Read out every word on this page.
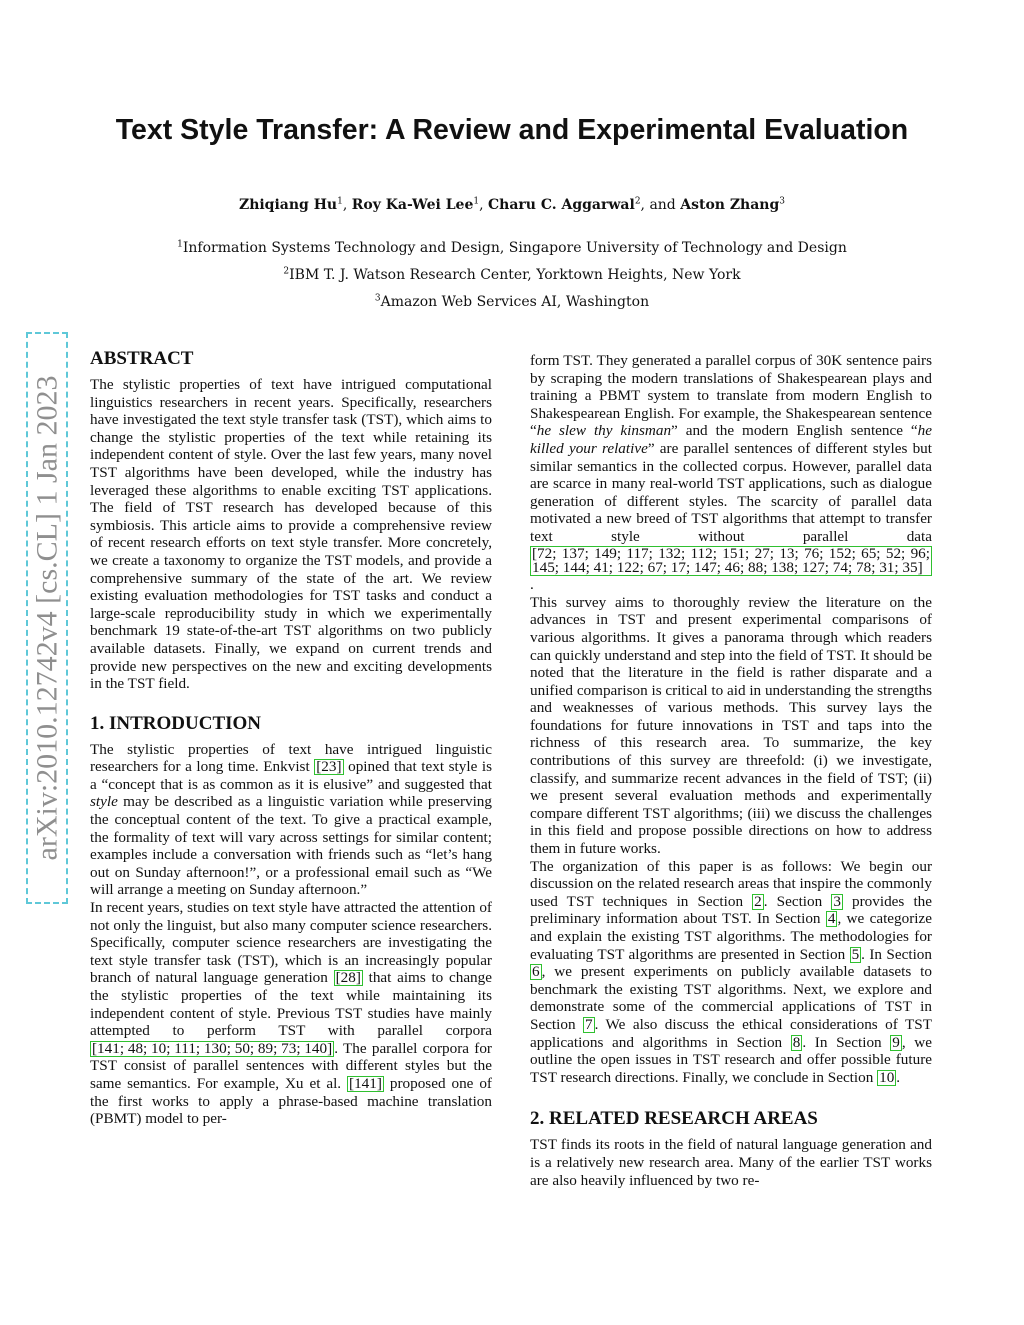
Text Style Transfer: A Review and Experimental Evaluation
Zhiqiang Hu$^1$, Roy Ka-Wei Lee$^1$, Charu C. Aggarwal$^2$, and Aston Zhang$^3$
$^1$Information Systems Technology and Design, Singapore University of Technology and Design
$^2$IBM T. J. Watson Research Center, Yorktown Heights, New York
$^3$Amazon Web Services AI, Washington
arXiv:2010.12742v4 [cs.CL] 1 Jan 2023
ABSTRACT

The stylistic properties of text have intrigued computational linguistics researchers in recent years. Specifically, researchers have investigated the text style transfer task (TST), which aims to change the stylistic properties of the text while retaining its independent content of style. Over the last few years, many novel TST algorithms have been developed, while the industry has leveraged these algorithms to enable exciting TST applications. The field of TST research has developed because of this symbiosis. This article aims to provide a comprehensive review of recent research efforts on text style transfer. More concretely, we create a taxonomy to organize the TST models, and provide a comprehensive summary of the state of the art. We review existing evaluation methodologies for TST tasks and conduct a large-scale reproducibility study in which we experimentally benchmark 19 state-of-the-art TST algorithms on two publicly available datasets. Finally, we expand on current trends and provide new perspectives on the new and exciting developments in the TST field.

1. INTRODUCTION

The stylistic properties of text have intrigued linguistic researchers for a long time. Enkvist [23] opined that text style is a “concept that is as common as it is elusive” and suggested that style may be described as a linguistic variation while preserving the conceptual content of the text. To give a practical example, the formality of text will vary across settings for similar content; examples include a conversation with friends such as “let’s hang out on Sunday afternoon!”, or a professional email such as “We will arrange a meeting on Sunday afternoon.”

In recent years, studies on text style have attracted the attention of not only the linguist, but also many computer science researchers. Specifically, computer science researchers are investigating the text style transfer task (TST), which is an increasingly popular branch of natural language generation [28] that aims to change the stylistic properties of the text while maintaining its independent content of style. Previous TST studies have mainly attempted to perform TST with parallel corpora [141; 48; 10; 111; 130; 50; 89; 73; 140] . The parallel corpora for TST consist of parallel sentences with different styles but the same semantics. For example, Xu et al. [141] proposed one of the first works to apply a phrase-based machine translation (PBMT) model to per-

form TST. They generated a parallel corpus of 30K sentence pairs by scraping the modern translations of Shakespearean plays and training a PBMT system to translate from modern English to Shakespearean English. For example, the Shakespearean sentence “he slew thy kinsman” and the modern English sentence “he killed your relative” are parallel sentences of different styles but similar semantics in the collected corpus. However, parallel data are scarce in many real-world TST applications, such as dialogue generation of different styles. The scarcity of parallel data motivated a new breed of TST algorithms that attempt to transfer text style without parallel data [72; 137; 149; 117; 132; 112; 151; 27; 13; 76; 152; 65; 52; 96; 145; 144; 41; 122; 67; 17; 147; 46; 88; 138; 127; 74; 78; 31; 35].

This survey aims to thoroughly review the literature on the advances in TST and present experimental comparisons of various algorithms. It gives a panorama through which readers can quickly understand and step into the field of TST. It should be noted that the literature in the field is rather disparate and a unified comparison is critical to aid in understanding the strengths and weaknesses of various methods. This survey lays the foundations for future innovations in TST and taps into the richness of this research area. To summarize, the key contributions of this survey are threefold: (i) we investigate, classify, and summarize recent advances in the field of TST; (ii) we present several evaluation methods and experimentally compare different TST algorithms; (iii) we discuss the challenges in this field and propose possible directions on how to address them in future works.

The organization of this paper is as follows: We begin our discussion on the related research areas that inspire the commonly used TST techniques in Section 2 . Section 3 provides the preliminary information about TST. In Section 4 , we categorize and explain the existing TST algorithms. The methodologies for evaluating TST algorithms are presented in Section 5 . In Section 6 , we present experiments on publicly available datasets to benchmark the existing TST algorithms. Next, we explore and demonstrate some of the commercial applications of TST in Section 7 . We also discuss the ethical considerations of TST applications and algorithms in Section 8 . In Section 9 , we outline the open issues in TST research and offer possible future TST research directions. Finally, we conclude in Section 10 .

2. RELATED RESEARCH AREAS

TST finds its roots in the field of natural language generation and is a relatively new research area. Many of the earlier TST works are also heavily influenced by two re-
